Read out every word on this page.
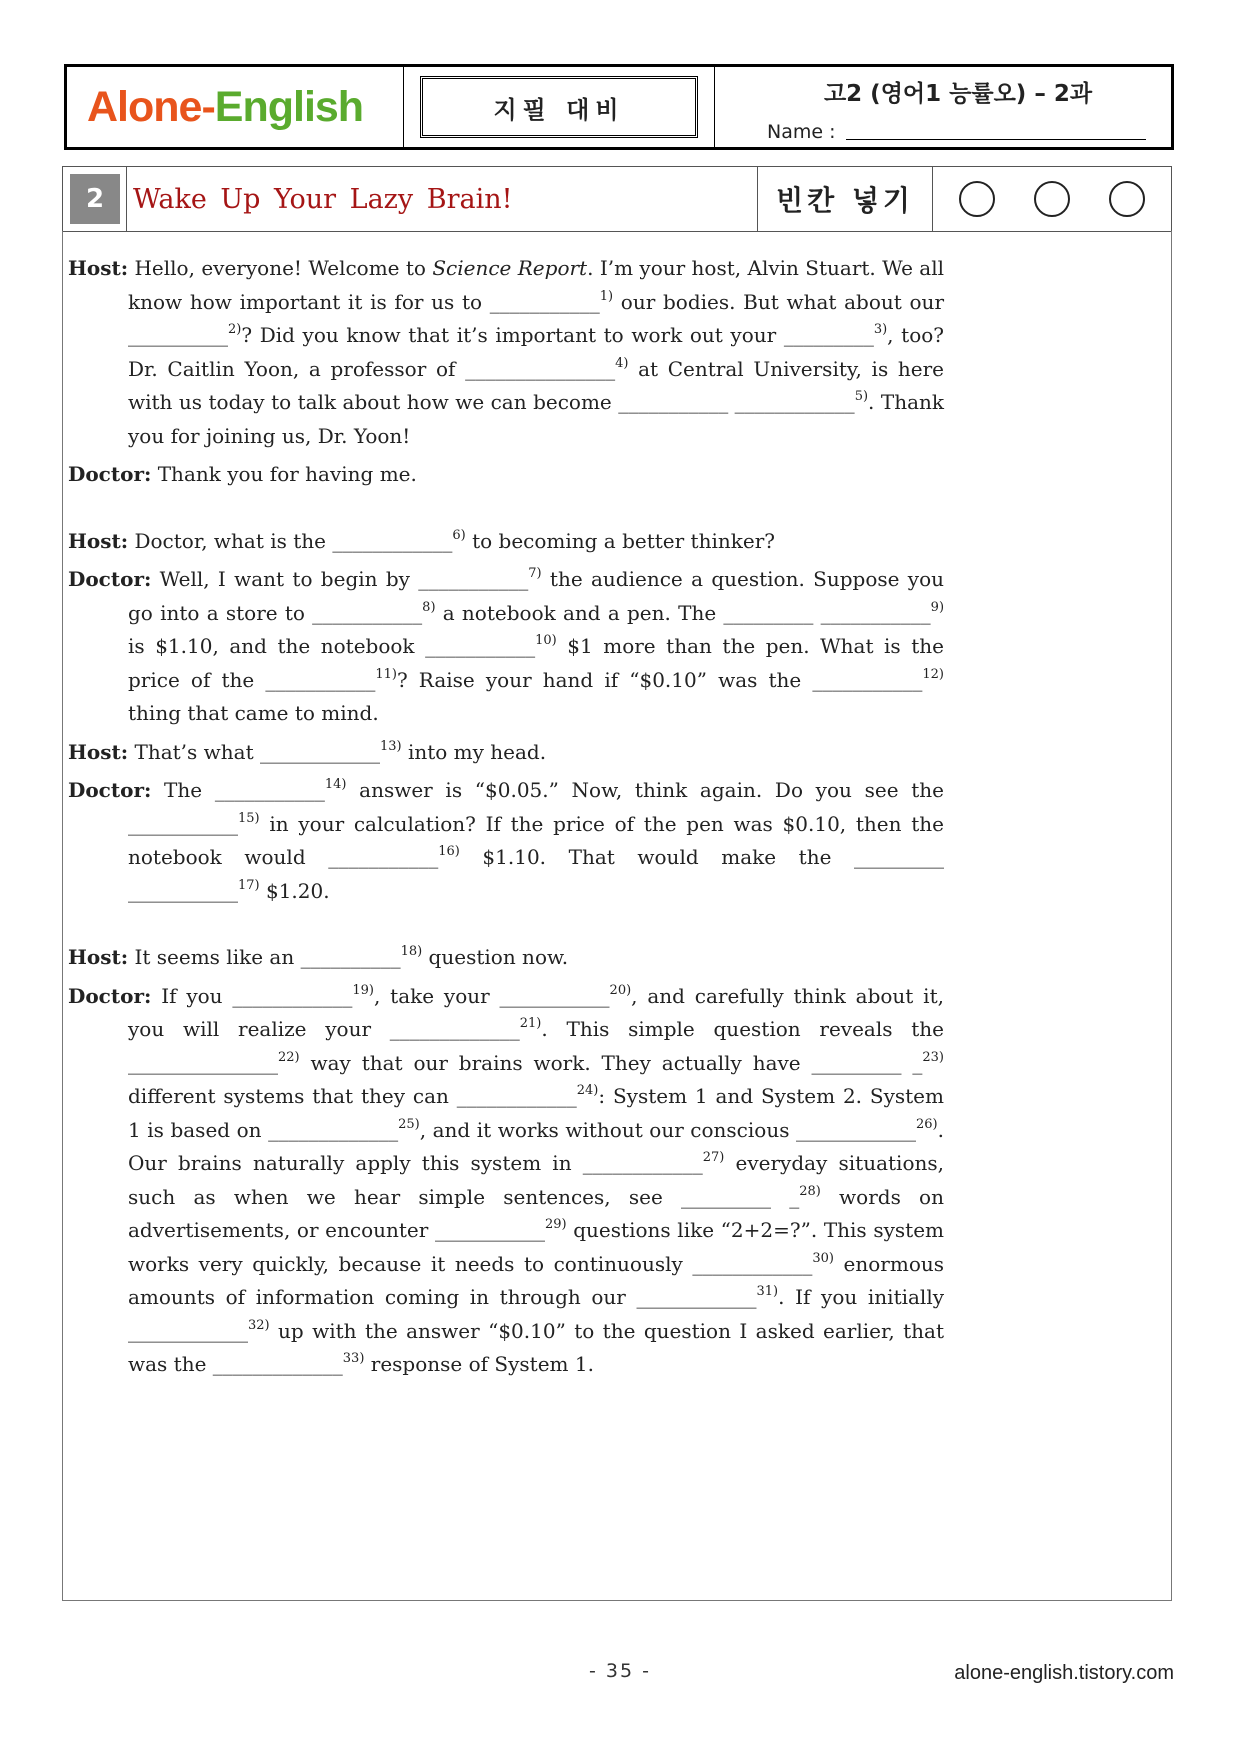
Alone - English	지필 대비
고2 (영어1 능률오) – 2과
Name :
2	Wake Up Your Lazy Brain!	빈칸 넣기
Host: Hello, everyone! Welcome to Science Report. I’m your host, Alvin Stuart. We all know how important it is for us to ___________$^{1)}$ our bodies. But what about our __________$^{2)}$? Did you know that it’s important to work out your _________$^{3)}$, too? Dr. Caitlin Yoon, a professor of _______________$^{4)}$ at Central University, is here with us today to talk about how we can become ___________ ____________$^{5)}$. Thank you for joining us, Dr. Yoon!
Doctor: Thank you for having me.
Host: Doctor, what is the ____________$^{6)}$ to becoming a better thinker?
Doctor: Well, I want to begin by ___________$^{7)}$ the audience a question. Suppose you go into a store to ___________$^{8)}$ a notebook and a pen. The _________ ___________$^{9)}$ is $1.10, and the notebook ___________$^{10)}$ $1 more than the pen. What is the price of the ___________$^{11)}$? Raise your hand if “$0.10” was the ___________$^{12)}$ thing that came to mind.
Host: That’s what ____________$^{13)}$ into my head.
Doctor: The ___________$^{14)}$ answer is “$0.05.” Now, think again. Do you see the ___________$^{15)}$ in your calculation? If the price of the pen was $0.10, then the notebook would ___________$^{16)}$ $1.10. That would make the _________ ___________$^{17)}$ $1.20.
Host: It seems like an __________$^{18)}$ question now.
Doctor: If you ____________$^{19)}$, take your ___________$^{20)}$, and carefully think about it, you will realize your _____________$^{21)}$. This simple question reveals the _______________$^{22)}$ way that our brains work. They actually have _________ _$^{23)}$ different systems that they can ____________$^{24)}$: System 1 and System 2. System 1 is based on _____________$^{25)}$, and it works without our conscious ____________$^{26)}$. Our brains naturally apply this system in ____________$^{27)}$ everyday situations, such as when we hear simple sentences, see _________ _$^{28)}$ words on advertisements, or encounter ___________$^{29)}$ questions like “2+2=?”. This system works very quickly, because it needs to continuously ____________$^{30)}$ enormous amounts of information coming in through our ____________$^{31)}$. If you initially ____________$^{32)}$ up with the answer “$0.10” to the question I asked earlier, that was the _____________$^{33)}$ response of System 1.
- 35 -	alone-english.tistory.com
